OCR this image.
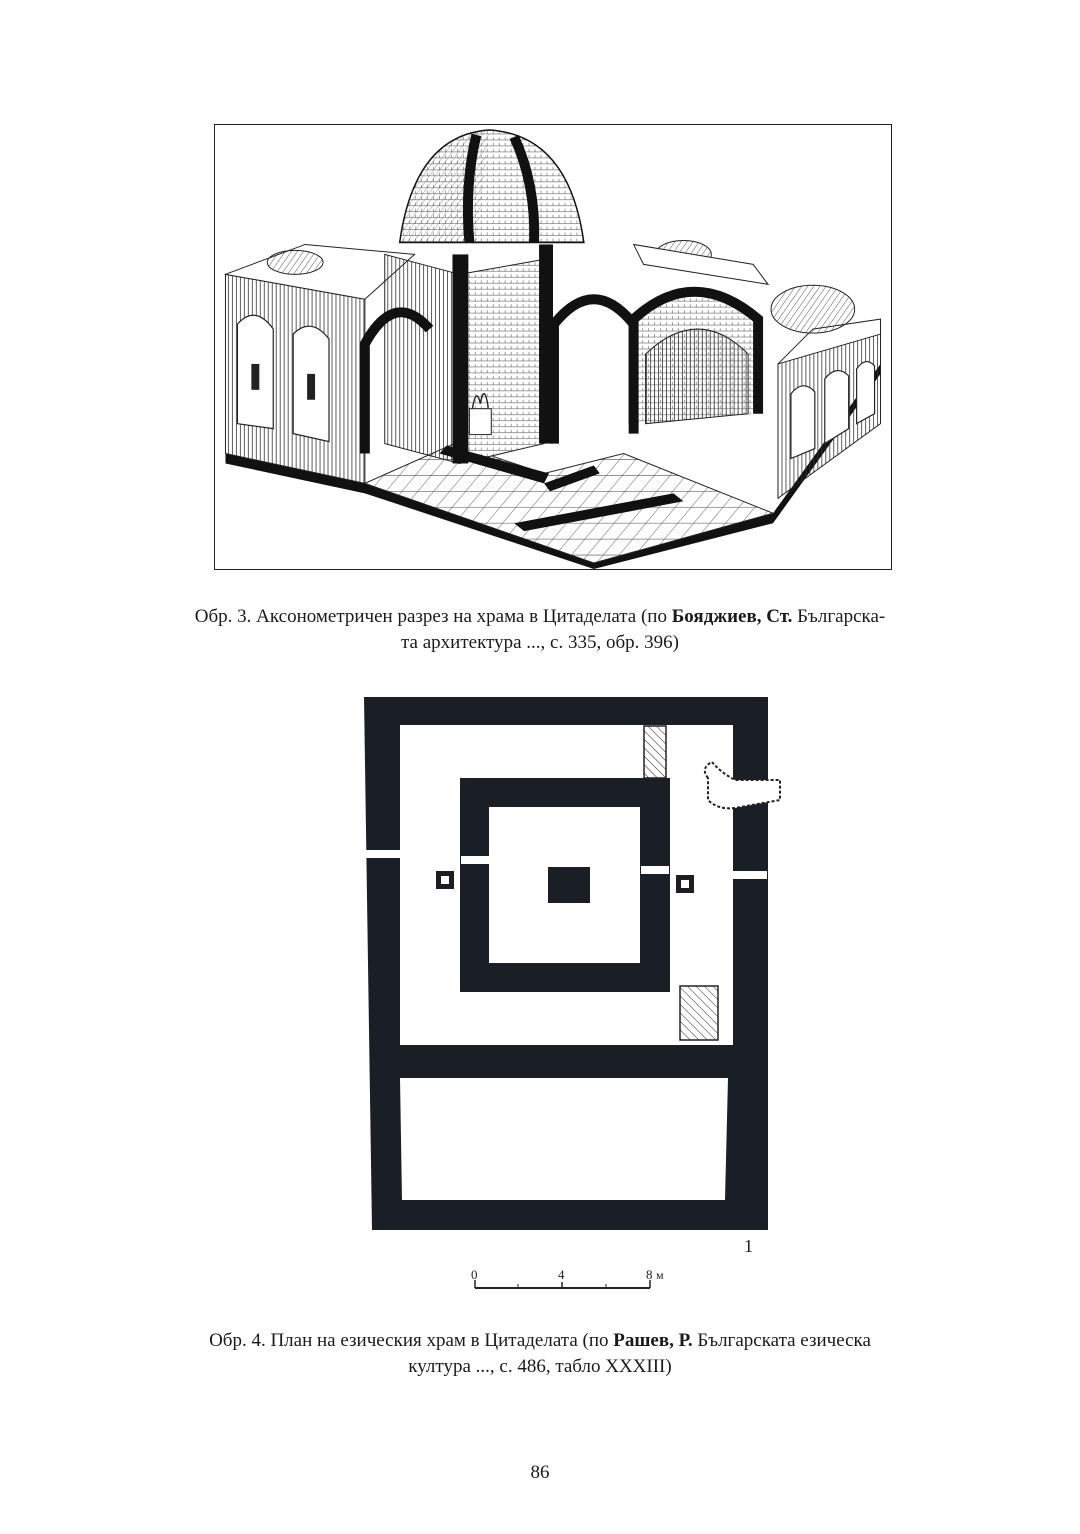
Обр. 3. Аксонометричен разрез на храма в Цитаделата (по Бояджиев, Ст. Българска-
та архитектура ..., с. 335, обр. 396)
1
0	4	8 м
Обр. 4. План на езическия храм в Цитаделата (по Рашев, Р. Българската езическа
култура ..., с. 486, табло XXXIII)
86
